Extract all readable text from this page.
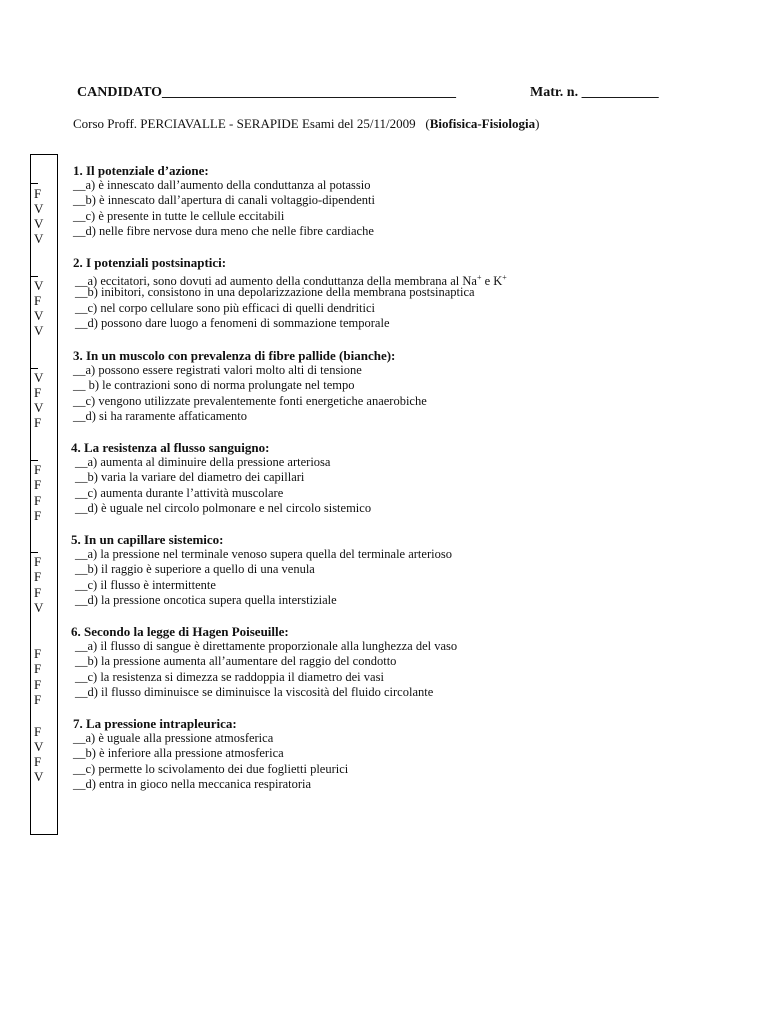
CANDIDATO__________________________________________	Matr. n. ___________
Corso Proff. PERCIAVALLE - SERAPIDE Esami del 25/11/2009   (Biofisica-Fisiologia)
F
V
V
V
V
F
V
V
V
F
V
F
F
F
F
F
F
F
F
V
F
F
F
F
F
V
F
V
1. Il potenziale d’azione:
__a) è innescato dall’aumento della conduttanza al potassio
__b) è innescato dall’apertura di canali voltaggio-dipendenti
__c) è presente in tutte le cellule eccitabili
__d) nelle fibre nervose dura meno che nelle fibre cardiache
2. I potenziali postsinaptici:
__a) eccitatori, sono dovuti ad aumento della conduttanza della membrana al Na+ e K+
__b) inibitori, consistono in una depolarizzazione della membrana postsinaptica
__c) nel corpo cellulare sono più efficaci di quelli dendritici
__d) possono dare luogo a fenomeni di sommazione temporale
3. In un muscolo con prevalenza di fibre pallide (bianche):
__a) possono essere registrati valori molto alti di tensione
__ b) le contrazioni sono di norma prolungate nel tempo
__c) vengono utilizzate prevalentemente fonti energetiche anaerobiche
__d) si ha raramente affaticamento
4. La resistenza al flusso sanguigno:
__a) aumenta al diminuire della pressione arteriosa
__b) varia la variare del diametro dei capillari
__c) aumenta durante l’attività muscolare
__d) è uguale nel circolo polmonare e nel circolo sistemico
5. In un capillare sistemico:
__a) la pressione nel terminale venoso supera quella del terminale arterioso
__b) il raggio è superiore a quello di una venula
__c) il flusso è intermittente
__d) la pressione oncotica supera quella interstiziale
6. Secondo la legge di Hagen Poiseuille:
__a) il flusso di sangue è direttamente proporzionale alla lunghezza del vaso
__b) la pressione aumenta all’aumentare del raggio del condotto
__c) la resistenza si dimezza se raddoppia il diametro dei vasi
__d) il flusso diminuisce se diminuisce la viscosità del fluido circolante
7. La pressione intrapleurica:
__a) è uguale alla pressione atmosferica
__b) è inferiore alla pressione atmosferica
__c) permette lo scivolamento dei due foglietti pleurici
__d) entra in gioco nella meccanica respiratoria
